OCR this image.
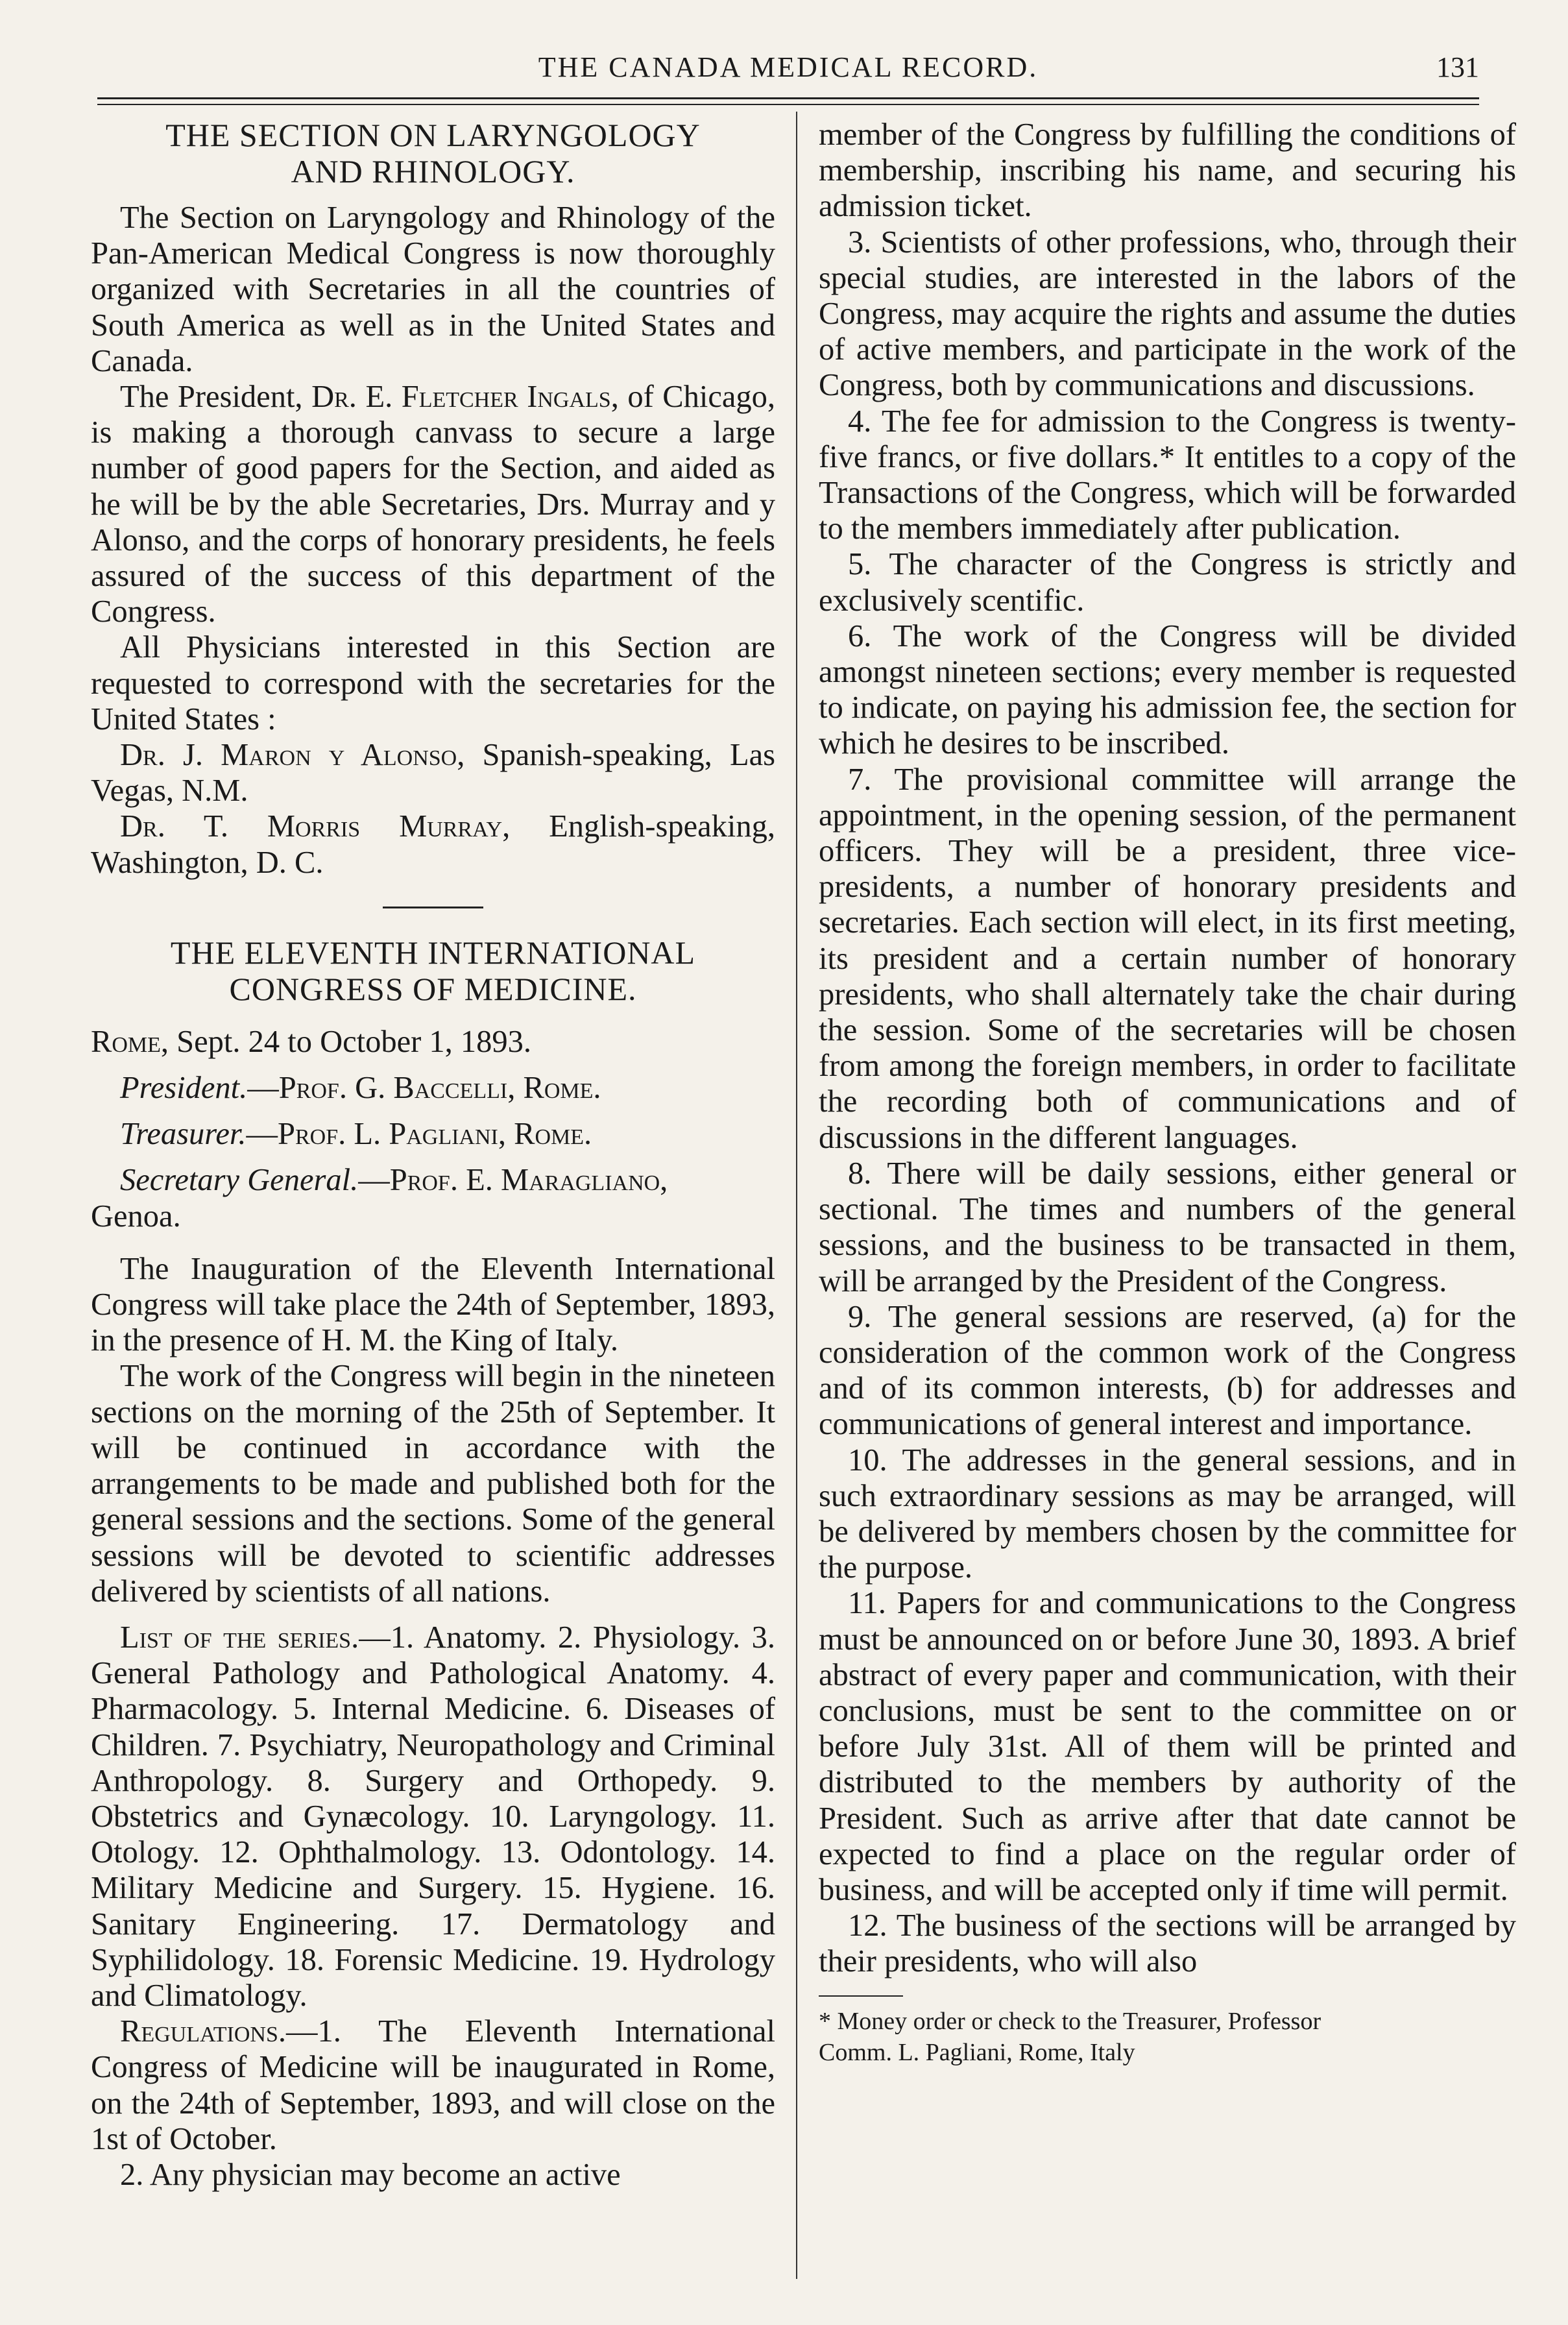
THE CANADA MEDICAL RECORD.	131
THE SECTION ON LARYNGOLOGY
AND RHINOLOGY.

The Section on Laryngology and Rhinology of the Pan-American Medical Congress is now thoroughly organized with Secretaries in all the countries of South America as well as in the United States and Canada.

The President, Dr. E. Fletcher Ingals, of Chicago, is making a thorough canvass to secure a large number of good papers for the Section, and aided as he will be by the able Secretaries, Drs. Murray and y Alonso, and the corps of honorary presidents, he feels assured of the success of this department of the Congress.

All Physicians interested in this Section are requested to correspond with the secretaries for the United States :

Dr. J. Maron y Alonso, Spanish-speaking, Las Vegas, N.M.

Dr. T. Morris Murray, English-speaking, Washington, D. C.

THE ELEVENTH INTERNATIONAL
CONGRESS OF MEDICINE.

Rome, Sept. 24 to October 1, 1893.

President.—Prof. G. Baccelli, Rome.

Treasurer.—Prof. L. Pagliani, Rome.

Secretary General.—Prof. E. Maragliano,

Genoa.

The Inauguration of the Eleventh International Congress will take place the 24th of September, 1893, in the presence of H. M. the King of Italy.

The work of the Congress will begin in the nineteen sections on the morning of the 25th of September. It will be continued in accordance with the arrangements to be made and published both for the general sessions and the sections. Some of the general sessions will be devoted to scientific addresses delivered by scientists of all nations.

List of the series.—1. Anatomy. 2. Physiology. 3. General Pathology and Pathological Anatomy. 4. Pharmacology. 5. Internal Medicine. 6. Diseases of Children. 7. Psychiatry, Neuropathology and Criminal Anthropology. 8. Surgery and Orthopedy. 9. Obstetrics and Gynæcology. 10. Laryngology. 11. Otology. 12. Ophthalmology. 13. Odontology. 14. Military Medicine and Surgery. 15. Hygiene. 16. Sanitary Engineering. 17. Dermatology and Syphilidology. 18. Forensic Medicine. 19. Hydrology and Climatology.

Regulations.—1. The Eleventh International Congress of Medicine will be inaugurated in Rome, on the 24th of September, 1893, and will close on the 1st of October.

2. Any physician may become an active

member of the Congress by fulfilling the conditions of membership, inscribing his name, and securing his admission ticket.

3. Scientists of other professions, who, through their special studies, are interested in the labors of the Congress, may acquire the rights and assume the duties of active members, and participate in the work of the Congress, both by communications and discussions.

4. The fee for admission to the Congress is twenty-five francs, or five dollars.* It entitles to a copy of the Transactions of the Congress, which will be forwarded to the members immediately after publication.

5. The character of the Congress is strictly and exclusively scentific.

6. The work of the Congress will be divided amongst nineteen sections; every member is requested to indicate, on paying his admission fee, the section for which he desires to be inscribed.

7. The provisional committee will arrange the appointment, in the opening session, of the permanent officers. They will be a president, three vice-presidents, a number of honorary presidents and secretaries. Each section will elect, in its first meeting, its president and a certain number of honorary presidents, who shall alternately take the chair during the session. Some of the secretaries will be chosen from among the foreign members, in order to facilitate the recording both of communications and of discussions in the different languages.

8. There will be daily sessions, either general or sectional. The times and numbers of the general sessions, and the business to be transacted in them, will be arranged by the President of the Congress.

9. The general sessions are reserved, (a) for the consideration of the common work of the Congress and of its common interests, (b) for addresses and communications of general interest and importance.

10. The addresses in the general sessions, and in such extraordinary sessions as may be arranged, will be delivered by members chosen by the committee for the purpose.

11. Papers for and communications to the Congress must be announced on or before June 30, 1893. A brief abstract of every paper and communication, with their conclusions, must be sent to the committee on or before July 31st. All of them will be printed and distributed to the members by authority of the President. Such as arrive after that date cannot be expected to find a place on the regular order of business, and will be accepted only if time will permit.

12. The business of the sections will be arranged by their presidents, who will also

* Money order or check to the Treasurer, Professor
Comm. L. Pagliani, Rome, Italy
